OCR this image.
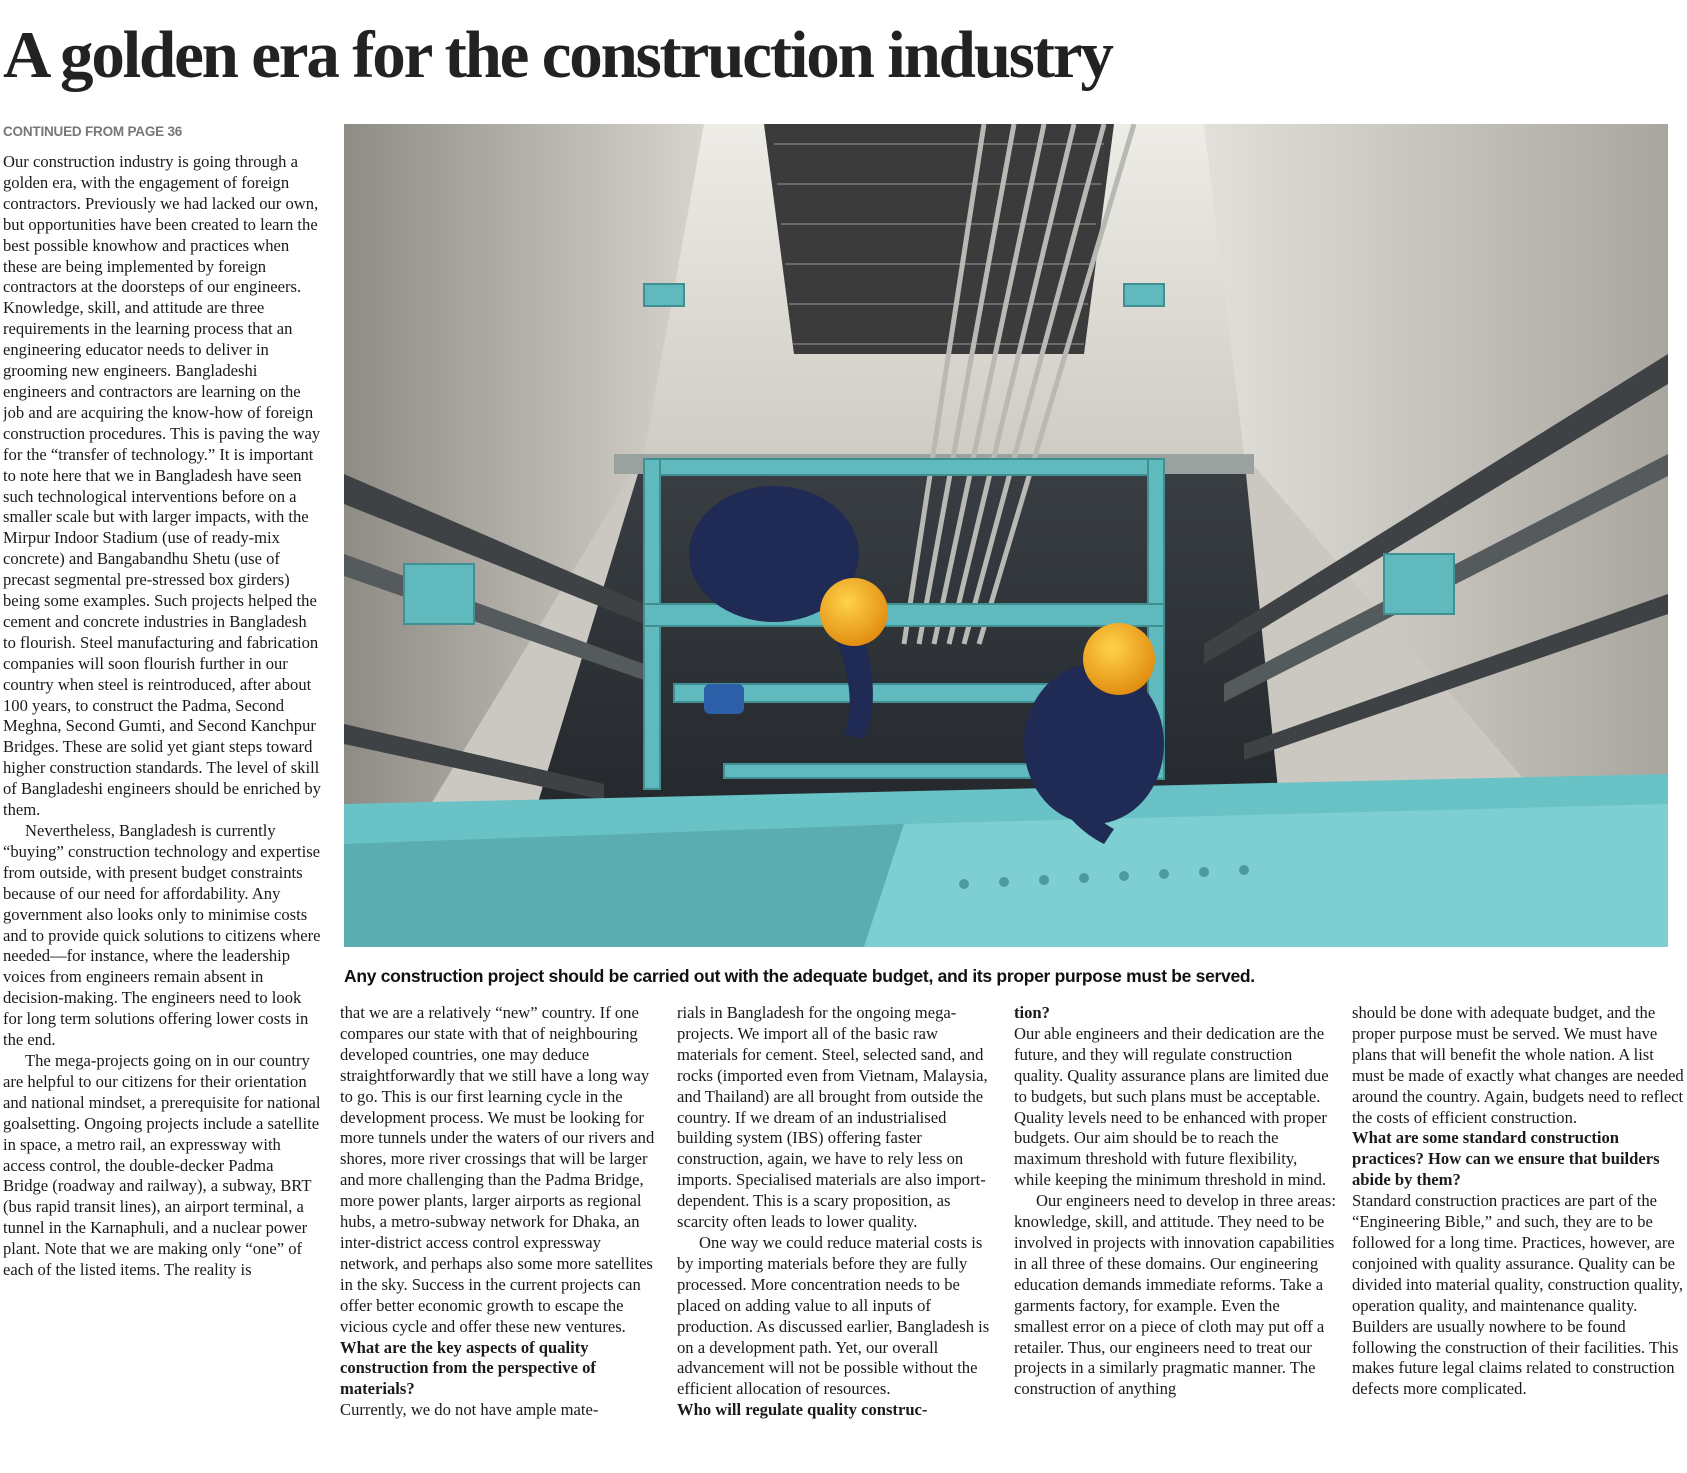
A golden era for the construction industry
CONTINUED FROM PAGE 36

Our construction industry is going through a golden era, with the engagement of foreign contractors. Previously we had lacked our own, but opportunities have been created to learn the best possible knowhow and practices when these are being implemented by foreign contractors at the doorsteps of our engineers. Knowledge, skill, and attitude are three requirements in the learning process that an engineering educator needs to deliver in grooming new engineers. Bangladeshi engineers and contractors are learning on the job and are acquiring the know-how of foreign construction procedures. This is paving the way for the “transfer of technology.” It is important to note here that we in Bangladesh have seen such technological interventions before on a smaller scale but with larger impacts, with the Mirpur Indoor Stadium (use of ready-mix concrete) and Bangabandhu Shetu (use of precast segmental pre-stressed box girders) being some examples. Such projects helped the cement and concrete industries in Bangladesh to flourish. Steel manufacturing and fabrication companies will soon flourish further in our country when steel is reintroduced, after about 100 years, to construct the Padma, Second Meghna, Second Gumti, and Second Kanchpur Bridges. These are solid yet giant steps toward higher construction standards. The level of skill of Bangladeshi engineers should be enriched by them.

Nevertheless, Bangladesh is currently “buying” construction technology and expertise from outside, with present budget constraints because of our need for affordability. Any government also looks only to minimise costs and to provide quick solutions to citizens where needed—for instance, where the leadership voices from engineers remain absent in decision-making. The engineers need to look for long term solutions offering lower costs in the end.

The mega-projects going on in our country are helpful to our citizens for their orientation and national mindset, a prerequisite for national goalsetting. Ongoing projects include a satellite in space, a metro rail, an expressway with access control, the double-decker Padma Bridge (roadway and railway), a subway, BRT (bus rapid transit lines), an airport terminal, a tunnel in the Karnaphuli, and a nuclear power plant. Note that we are making only “one” of each of the listed items. The reality is

Any construction project should be carried out with the adequate budget, and its proper purpose must be served.

that we are a relatively “new” country. If one compares our state with that of neighbouring developed countries, one may deduce straightforwardly that we still have a long way to go. This is our first learning cycle in the development process. We must be looking for more tunnels under the waters of our rivers and shores, more river crossings that will be larger and more challenging than the Padma Bridge, more power plants, larger airports as regional hubs, a metro-subway network for Dhaka, an inter-district access control expressway network, and perhaps also some more satellites in the sky. Success in the current projects can offer better economic growth to escape the vicious cycle and offer these new ventures.

What are the key aspects of quality construction from the perspective of materials?

Currently, we do not have ample mate-

rials in Bangladesh for the ongoing mega-projects. We import all of the basic raw materials for cement. Steel, selected sand, and rocks (imported even from Vietnam, Malaysia, and Thailand) are all brought from outside the country. If we dream of an industrialised building system (IBS) offering faster construction, again, we have to rely less on imports. Specialised materials are also import-dependent. This is a scary proposition, as scarcity often leads to lower quality.

One way we could reduce material costs is by importing materials before they are fully processed. More concentration needs to be placed on adding value to all inputs of production. As discussed earlier, Bangladesh is on a development path. Yet, our overall advancement will not be possible without the efficient allocation of resources.

Who will regulate quality construc-

tion?

Our able engineers and their dedication are the future, and they will regulate construction quality. Quality assurance plans are limited due to budgets, but such plans must be acceptable. Quality levels need to be enhanced with proper budgets. Our aim should be to reach the maximum threshold with future flexibility, while keeping the minimum threshold in mind.

Our engineers need to develop in three areas: knowledge, skill, and attitude. They need to be involved in projects with innovation capabilities in all three of these domains. Our engineering education demands immediate reforms. Take a garments factory, for example. Even the smallest error on a piece of cloth may put off a retailer. Thus, our engineers need to treat our projects in a similarly pragmatic manner. The construction of anything

should be done with adequate budget, and the proper purpose must be served. We must have plans that will benefit the whole nation. A list must be made of exactly what changes are needed around the country. Again, budgets need to reflect the costs of efficient construction.

What are some standard construction practices? How can we ensure that builders abide by them?

Standard construction practices are part of the “Engineering Bible,” and such, they are to be followed for a long time. Practices, however, are conjoined with quality assurance. Quality can be divided into material quality, construction quality, operation quality, and maintenance quality. Builders are usually nowhere to be found following the construction of their facilities. This makes future legal claims related to construction defects more complicated.
